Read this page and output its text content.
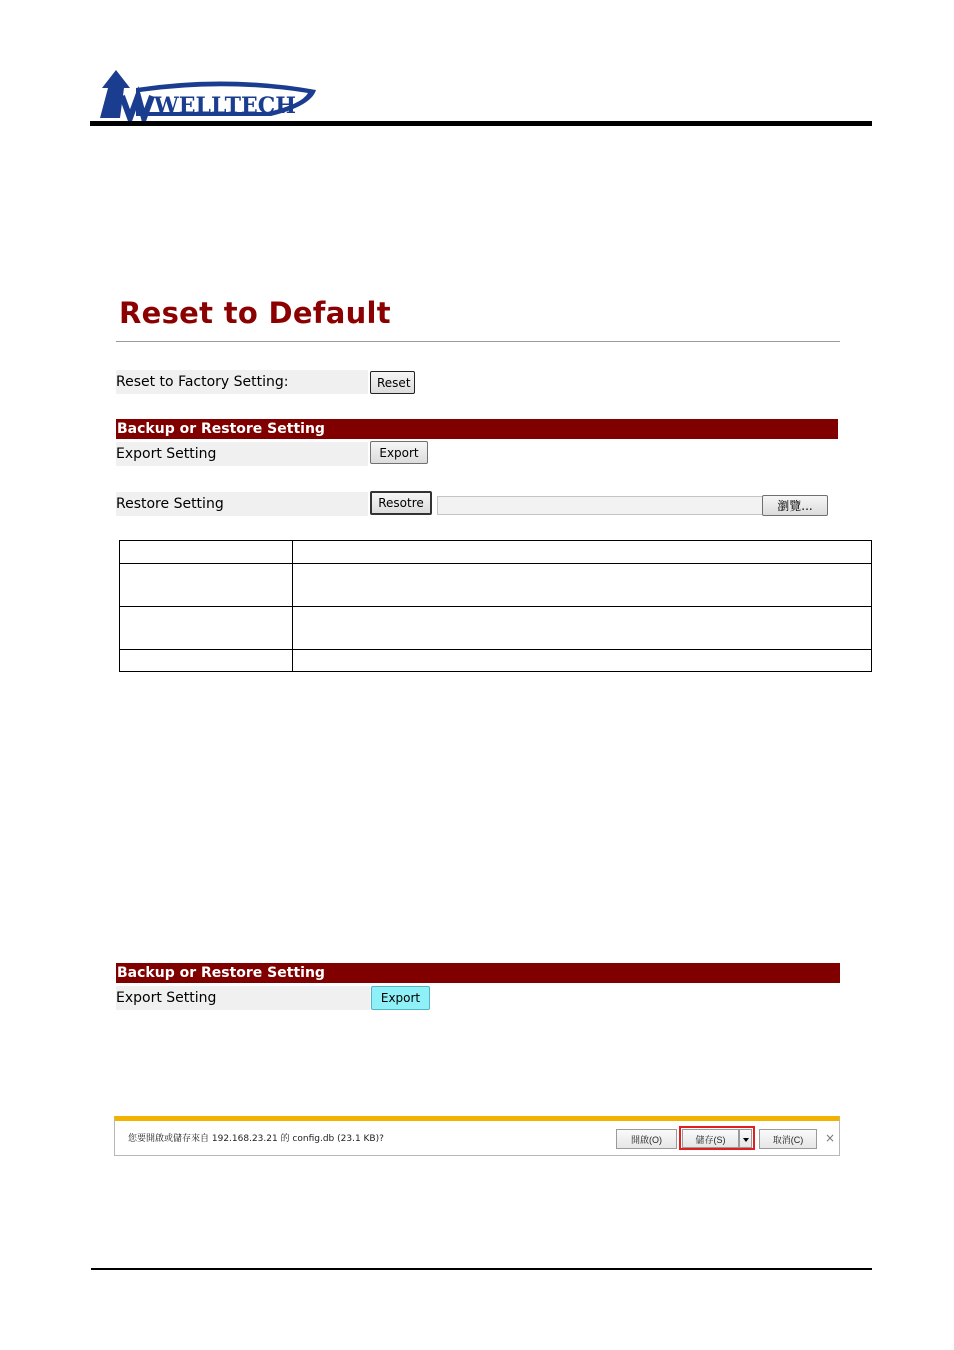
WELLTECH
Reset to Default
Reset to Factory Setting:	Reset
Backup or Restore Setting
Export Setting	Export
Restore Setting	Resotre	瀏覽...

Backup or Restore Setting
Export Setting	Export
您要開啟或儲存來自 192.168.23.21 的 config.db (23.1 KB)?	開啟(O)	儲存(S)	取消(C)	×
